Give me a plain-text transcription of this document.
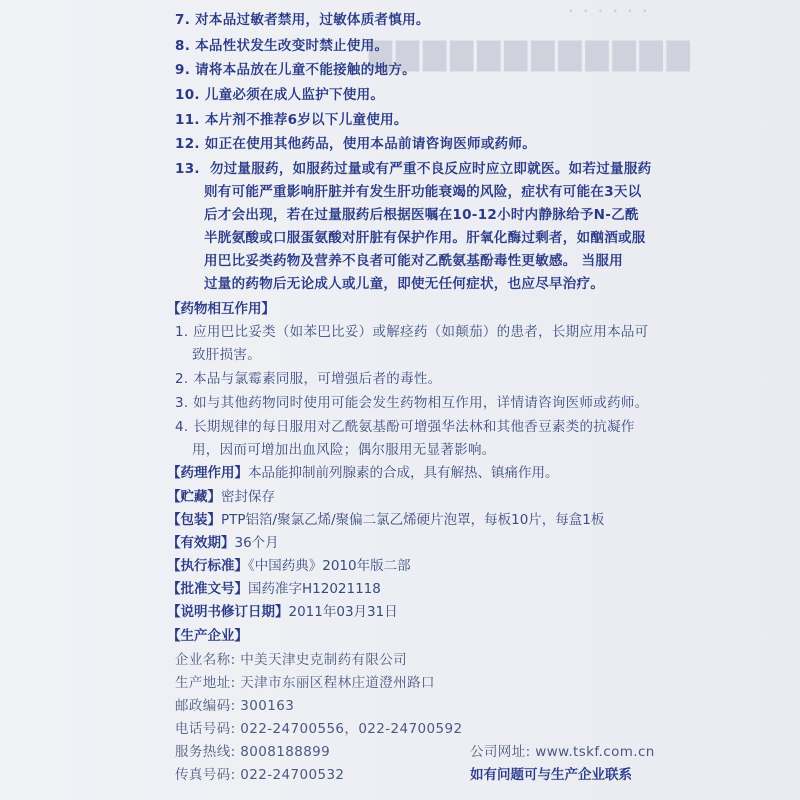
· · · · · ·
▇▇▇▇▇▇▇▇▇▇▇▇
7. 对本品过敏者禁用，过敏体质者慎用。
8. 本品性状发生改变时禁止使用。
9. 请将本品放在儿童不能接触的地方。
10. 儿童必须在成人监护下使用。
11. 本片剂不推荐6岁以下儿童使用。
12. 如正在使用其他药品，使用本品前请咨询医师或药师。
13. 勿过量服药，如服药过量或有严重不良反应时应立即就医。如若过量服药
则有可能严重影响肝脏并有发生肝功能衰竭的风险，症状有可能在3天以
后才会出现，若在过量服药后根据医嘱在10-12小时内静脉给予N-乙酰
半胱氨酸或口服蛋氨酸对肝脏有保护作用。肝氧化酶过剩者，如酗酒或服
用巴比妥类药物及营养不良者可能对乙酰氨基酚毒性更敏感。 当服用
过量的药物后无论成人或儿童，即使无任何症状，也应尽早治疗。
【药物相互作用】
1. 应用巴比妥类（如苯巴比妥）或解痉药（如颠茄）的患者，长期应用本品可
致肝损害。
2. 本品与氯霉素同服，可增强后者的毒性。
3. 如与其他药物同时使用可能会发生药物相互作用，详情请咨询医师或药师。
4. 长期规律的每日服用对乙酰氨基酚可增强华法林和其他香豆素类的抗凝作
用，因而可增加出血风险；偶尔服用无显著影响。
【药理作用】本品能抑制前列腺素的合成，具有解热、镇痛作用。
【贮藏】密封保存
【包装】PTP铝箔/聚氯乙烯/聚偏二氯乙烯硬片泡罩，每板10片，每盒1板
【有效期】36个月
【执行标准】《中国药典》2010年版二部
【批准文号】国药准字H12021118
【说明书修订日期】2011年03月31日
【生产企业】
企业名称: 中美天津史克制药有限公司
生产地址: 天津市东丽区程林庄道澄州路口
邮政编码: 300163
电话号码: 022-24700556，022-24700592
服务热线: 8008188899
传真号码: 022-24700532
公司网址: www.tskf.com.cn
如有问题可与生产企业联系
